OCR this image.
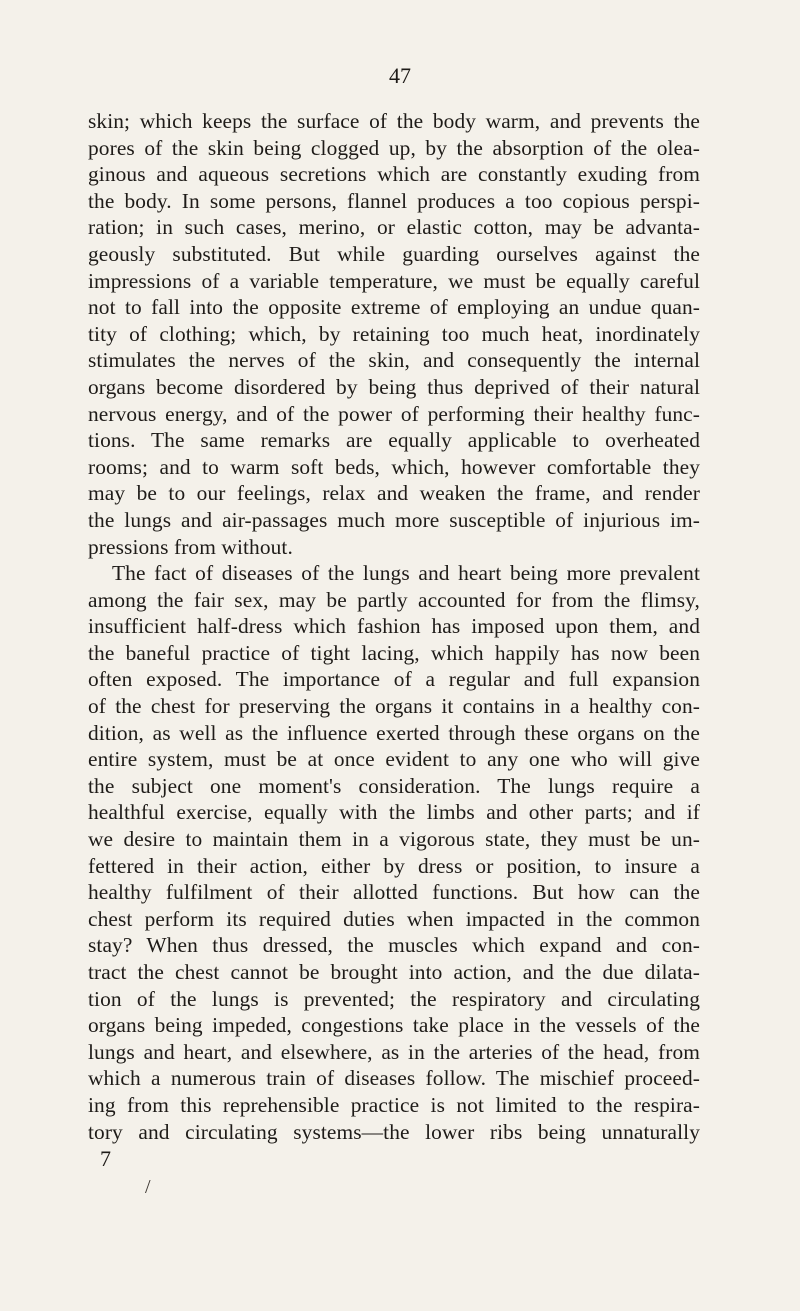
47
skin; which keeps the surface of the body warm, and prevents the
pores of the skin being clogged up, by the absorption of the olea-
ginous and aqueous secretions which are constantly exuding from
the body. In some persons, flannel produces a too copious perspi-
ration; in such cases, merino, or elastic cotton, may be advanta-
geously substituted. But while guarding ourselves against the
impressions of a variable temperature, we must be equally careful
not to fall into the opposite extreme of employing an undue quan-
tity of clothing; which, by retaining too much heat, inordinately
stimulates the nerves of the skin, and consequently the internal
organs become disordered by being thus deprived of their natural
nervous energy, and of the power of performing their healthy func-
tions. The same remarks are equally applicable to overheated
rooms; and to warm soft beds, which, however comfortable they
may be to our feelings, relax and weaken the frame, and render
the lungs and air-passages much more susceptible of injurious im-
pressions from without.
The fact of diseases of the lungs and heart being more prevalent
among the fair sex, may be partly accounted for from the flimsy,
insufficient half-dress which fashion has imposed upon them, and
the baneful practice of tight lacing, which happily has now been
often exposed. The importance of a regular and full expansion
of the chest for preserving the organs it contains in a healthy con-
dition, as well as the influence exerted through these organs on the
entire system, must be at once evident to any one who will give
the subject one moment's consideration. The lungs require a
healthful exercise, equally with the limbs and other parts; and if
we desire to maintain them in a vigorous state, they must be un-
fettered in their action, either by dress or position, to insure a
healthy fulfilment of their allotted functions. But how can the
chest perform its required duties when impacted in the common
stay? When thus dressed, the muscles which expand and con-
tract the chest cannot be brought into action, and the due dilata-
tion of the lungs is prevented; the respiratory and circulating
organs being impeded, congestions take place in the vessels of the
lungs and heart, and elsewhere, as in the arteries of the head, from
which a numerous train of diseases follow. The mischief proceed-
ing from this reprehensible practice is not limited to the respira-
tory and circulating systems—the lower ribs being unnaturally
7
/
